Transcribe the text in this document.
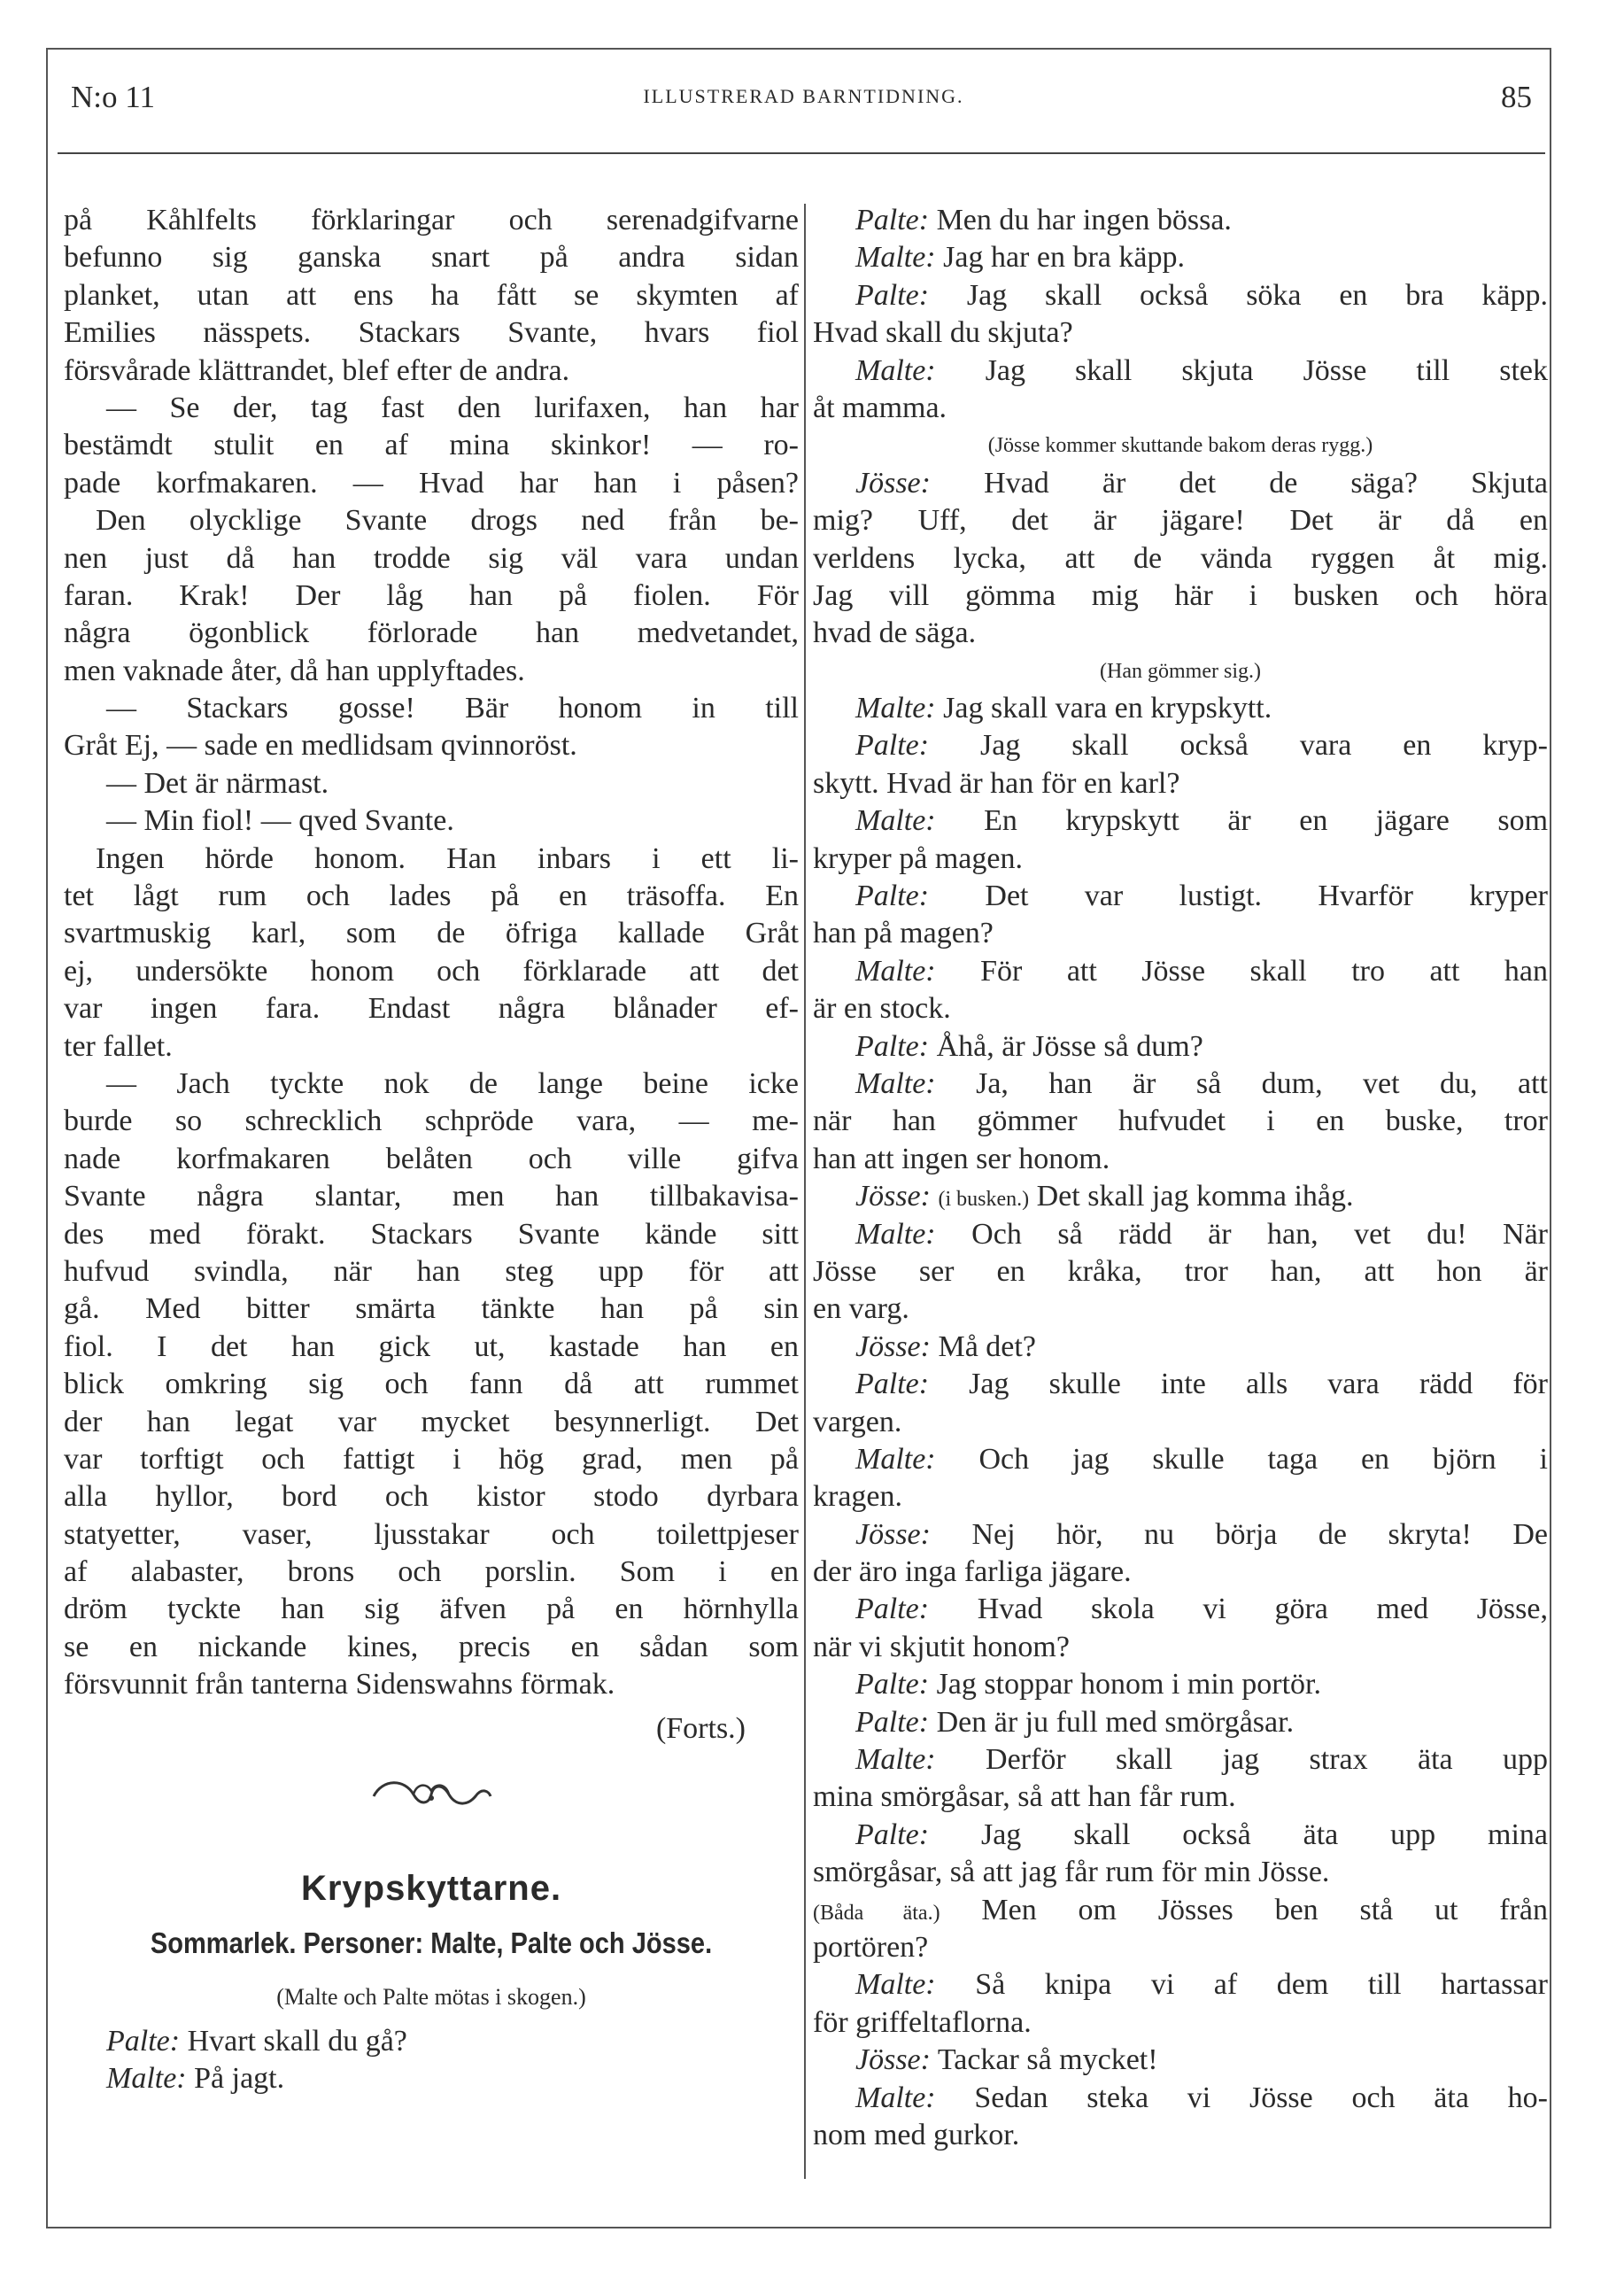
N:o 11	ILLUSTRERAD BARNTIDNING.	85
på Kåhlfelts förklaringar och serenadgifvarne
befunno sig ganska snart på andra sidan
planket, utan att ens ha fått se skymten af
Emilies nässpets. Stackars Svante, hvars fiol
försvårade klättrandet, blef efter de andra.
— Se der, tag fast den lurifaxen, han har
bestämdt stulit en af mina skinkor! — ro-
pade korfmakaren. — Hvad har han i påsen?
Den olycklige Svante drogs ned från be-
nen just då han trodde sig väl vara undan
faran. Krak! Der låg han på fiolen. För
några ögonblick förlorade han medvetandet,
men vaknade åter, då han upplyftades.
— Stackars gosse! Bär honom in till
Gråt Ej, — sade en medlidsam qvinnoröst.
— Det är närmast.
— Min fiol! — qved Svante.
Ingen hörde honom. Han inbars i ett li-
tet lågt rum och lades på en träsoffa. En
svartmuskig karl, som de öfriga kallade Gråt
ej, undersökte honom och förklarade att det
var ingen fara. Endast några blånader ef-
ter fallet.
— Jach tyckte nok de lange beine icke
burde so schrecklich schpröde vara, — me-
nade korfmakaren belåten och ville gifva
Svante några slantar, men han tillbakavisa-
des med förakt. Stackars Svante kände sitt
hufvud svindla, när han steg upp för att
gå. Med bitter smärta tänkte han på sin
fiol. I det han gick ut, kastade han en
blick omkring sig och fann då att rummet
der han legat var mycket besynnerligt. Det
var torftigt och fattigt i hög grad, men på
alla hyllor, bord och kistor stodo dyrbara
statyetter, vaser, ljusstakar och toilettpjeser
af alabaster, brons och porslin. Som i en
dröm tyckte han sig äfven på en hörnhylla
se en nickande kines, precis en sådan som
försvunnit från tanterna Sidenswahns förmak.
(Forts.)
Krypskyttarne.
Sommarlek. Personer: Malte, Palte och Jösse.
(Malte och Palte mötas i skogen.)
Palte: Hvart skall du gå?
Malte: På jagt.
Palte: Men du har ingen bössa.
Malte: Jag har en bra käpp.
Palte: Jag skall också söka en bra käpp.
Hvad skall du skjuta?
Malte: Jag skall skjuta Jösse till stek
åt mamma.
(Jösse kommer skuttande bakom deras rygg.)
Jösse: Hvad är det de säga? Skjuta
mig? Uff, det är jägare! Det är då en
verldens lycka, att de vända ryggen åt mig.
Jag vill gömma mig här i busken och höra
hvad de säga.
(Han gömmer sig.)
Malte: Jag skall vara en krypskytt.
Palte: Jag skall också vara en kryp-
skytt. Hvad är han för en karl?
Malte: En krypskytt är en jägare som
kryper på magen.
Palte: Det var lustigt. Hvarför kryper
han på magen?
Malte: För att Jösse skall tro att han
är en stock.
Palte: Åhå, är Jösse så dum?
Malte: Ja, han är så dum, vet du, att
när han gömmer hufvudet i en buske, tror
han att ingen ser honom.
Jösse: (i busken.) Det skall jag komma ihåg.
Malte: Och så rädd är han, vet du! När
Jösse ser en kråka, tror han, att hon är
en varg.
Jösse: Må det?
Palte: Jag skulle inte alls vara rädd för
vargen.
Malte: Och jag skulle taga en björn i
kragen.
Jösse: Nej hör, nu börja de skryta! De
der äro inga farliga jägare.
Palte: Hvad skola vi göra med Jösse,
när vi skjutit honom?
Palte: Jag stoppar honom i min portör.
Palte: Den är ju full med smörgåsar.
Malte: Derför skall jag strax äta upp
mina smörgåsar, så att han får rum.
Palte: Jag skall också äta upp mina
smörgåsar, så att jag får rum för min Jösse.
(Båda äta.) Men om Jösses ben stå ut från
portören?
Malte: Så knipa vi af dem till hartassar
för griffeltaflorna.
Jösse: Tackar så mycket!
Malte: Sedan steka vi Jösse och äta ho-
nom med gurkor.
